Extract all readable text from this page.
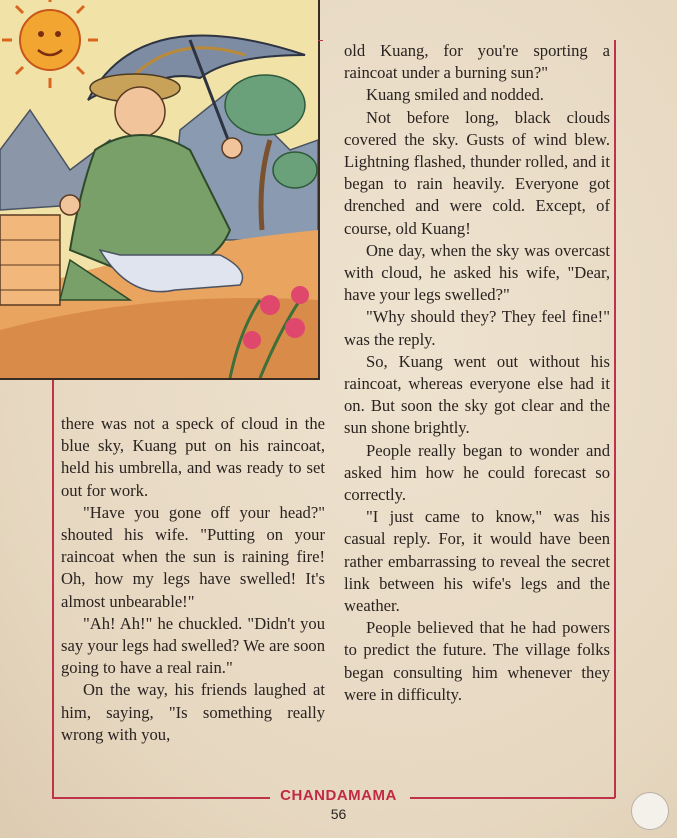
old Kuang, for you're sporting a raincoat under a burning sun?"

Kuang smiled and nodded.

Not before long, black clouds covered the sky. Gusts of wind blew. Lightning flashed, thunder rolled, and it began to rain heavily. Everyone got drenched and were cold. Except, of course, old Kuang!

One day, when the sky was overcast with cloud, he asked his wife, "Dear, have your legs swelled?"

"Why should they? They feel fine!" was the reply.

So, Kuang went out without his raincoat, whereas everyone else had it on. But soon the sky got clear and the sun shone brightly.

People really began to wonder and asked him how he could forecast so correctly.

"I just came to know," was his casual reply. For, it would have been rather embarrassing to reveal the secret link between his wife's legs and the weather.

People believed that he had powers to predict the future. The village folks began consulting him whenever they were in difficulty.

there was not a speck of cloud in the blue sky, Kuang put on his raincoat, held his umbrella, and was ready to set out for work.

"Have you gone off your head?" shouted his wife. "Putting on your raincoat when the sun is raining fire! Oh, how my legs have swelled! It's almost unbearable!"

"Ah! Ah!" he chuckled. "Didn't you say your legs had swelled? We are soon going to have a real rain."

On the way, his friends laughed at him, saying, "Is something really wrong with you,

CHANDAMAMA
56
